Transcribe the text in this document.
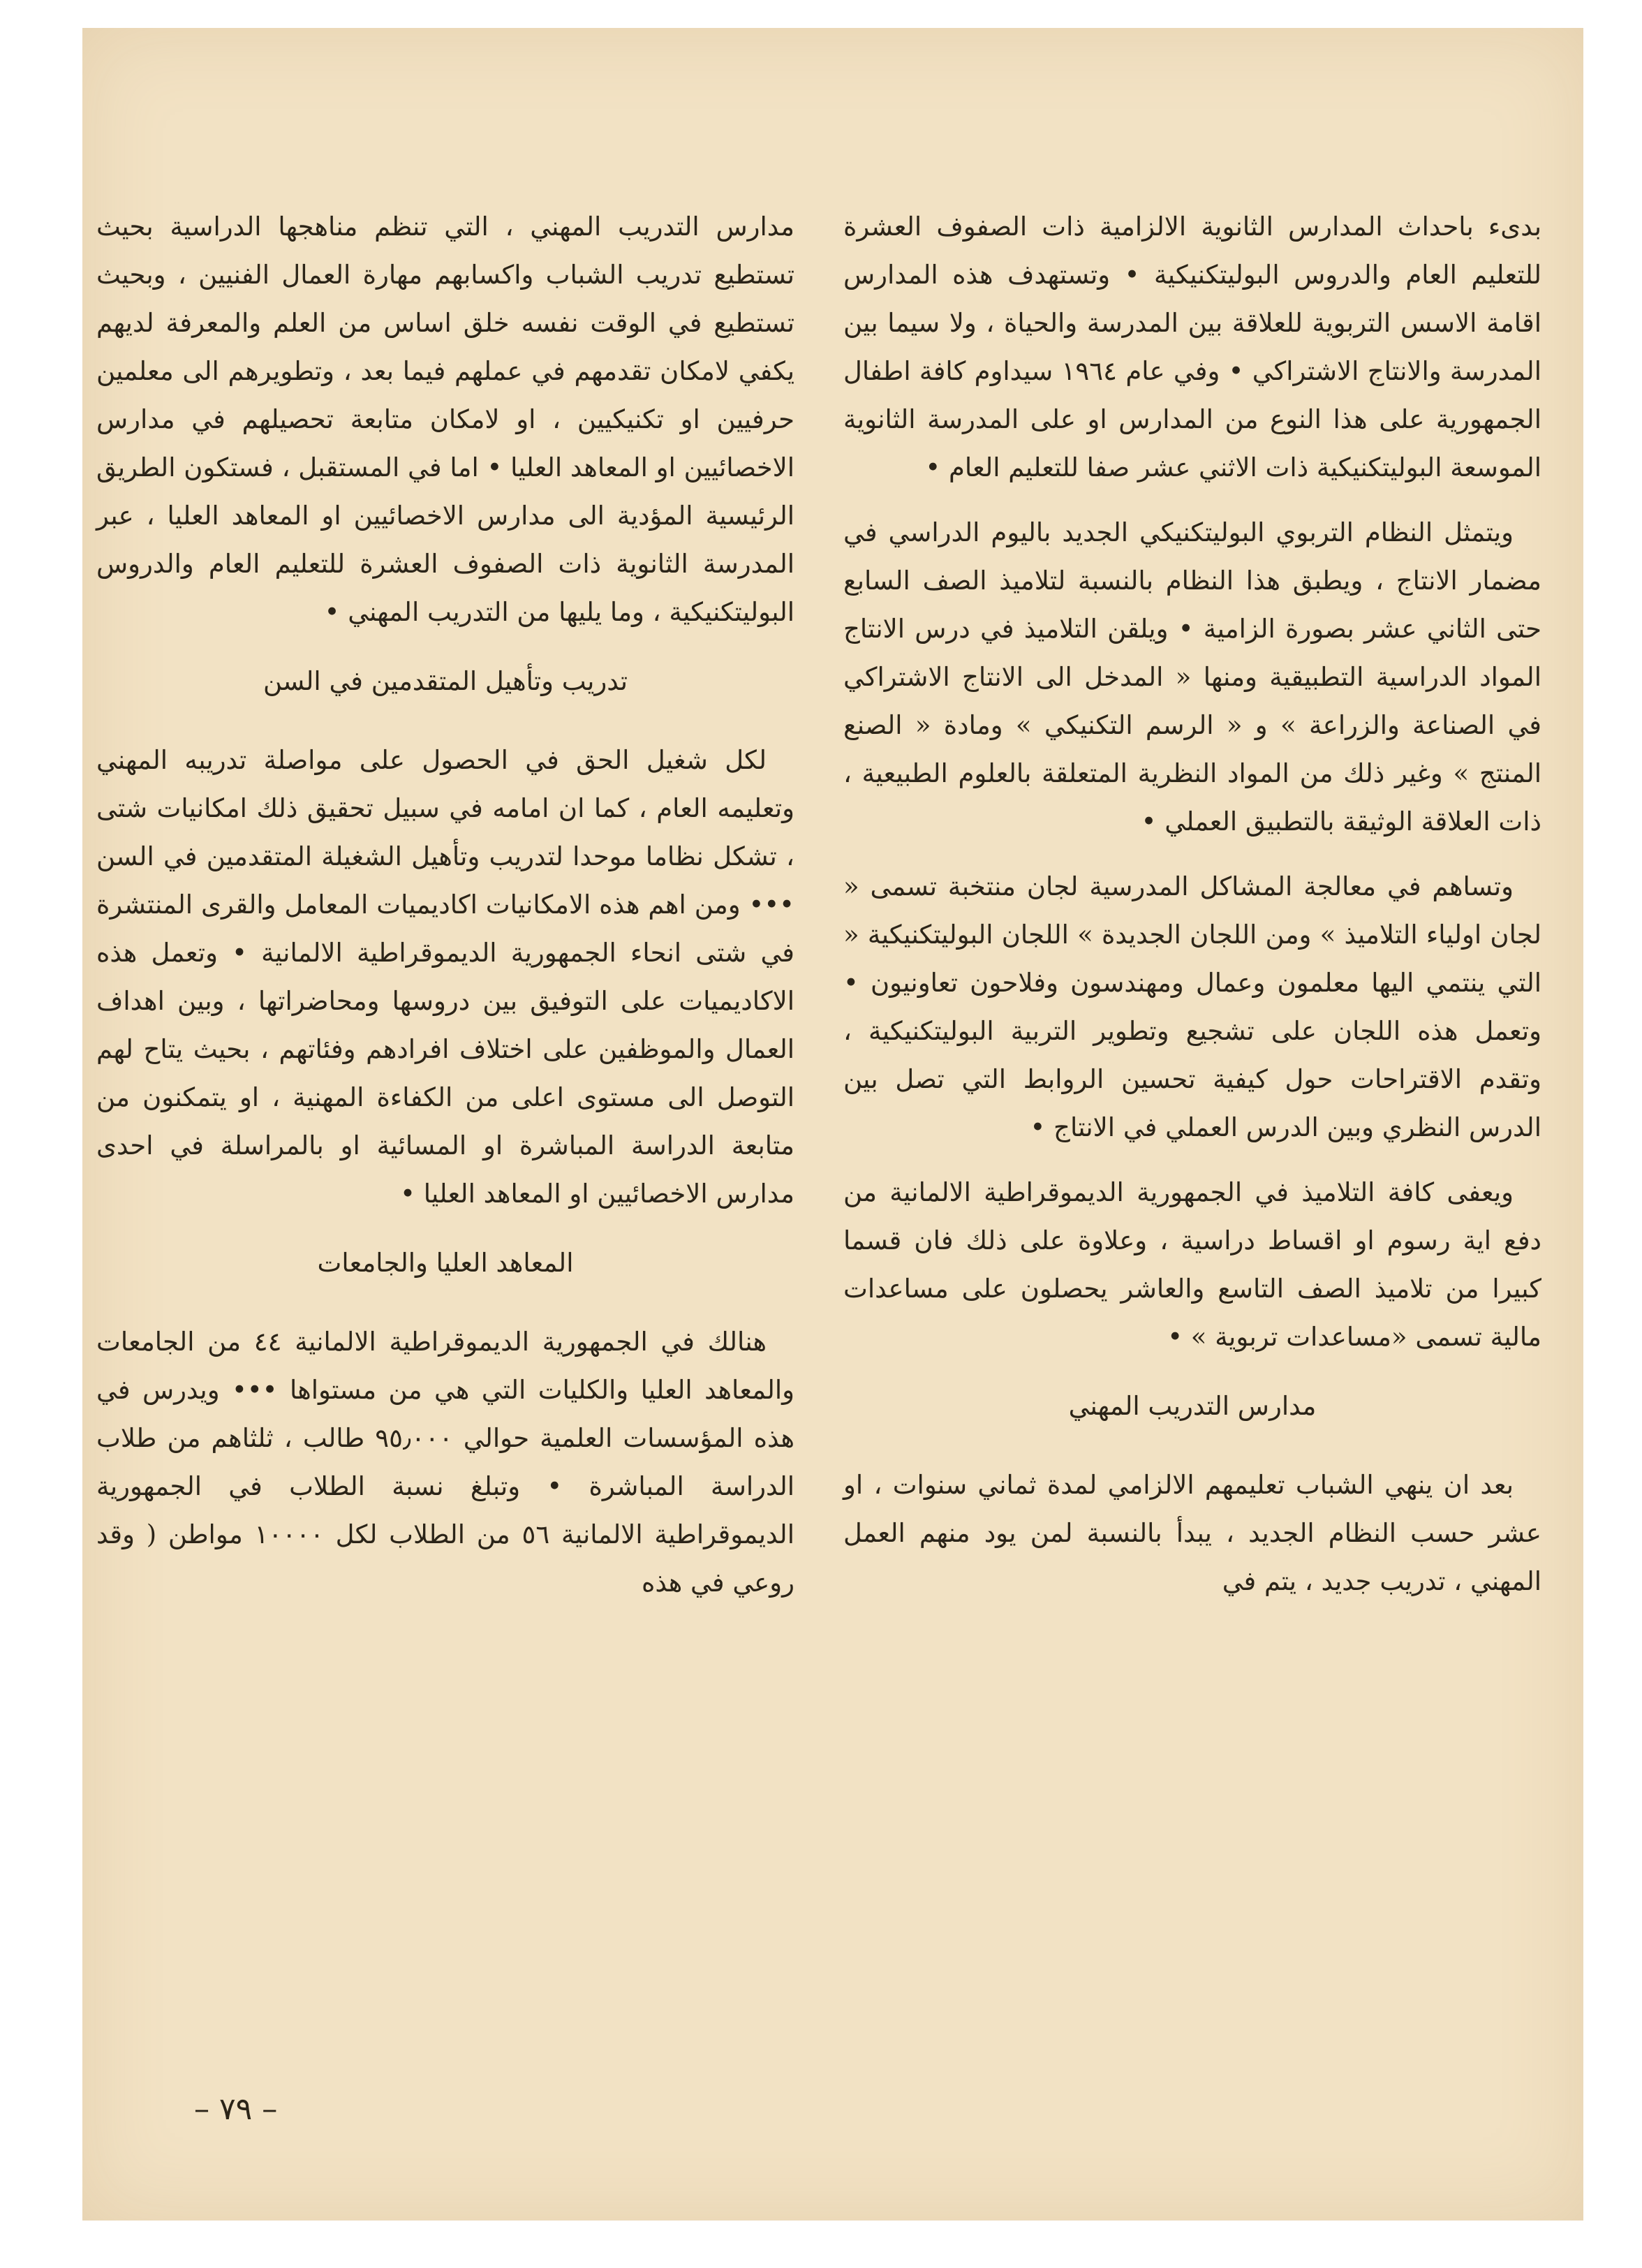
بدىء باحداث المدارس الثانوية الالزامية ذات الصفوف العشرة للتعليم العام والدروس البوليتكنيكية • وتستهدف هذه المدارس اقامة الاسس التربوية للعلاقة بين المدرسة والحياة ، ولا سيما بين المدرسة والانتاج الاشتراكي • وفي عام ١٩٦٤ سيداوم كافة اطفال الجمهورية على هذا النوع من المدارس او على المدرسة الثانوية الموسعة البوليتكنيكية ذات الاثني عشر صفا للتعليم العام •

ويتمثل النظام التربوي البوليتكنيكي الجديد باليوم الدراسي في مضمار الانتاج ، ويطبق هذا النظام بالنسبة لتلاميذ الصف السابع حتى الثاني عشر بصورة الزامية • ويلقن التلاميذ في درس الانتاج المواد الدراسية التطبيقية ومنها « المدخل الى الانتاج الاشتراكي في الصناعة والزراعة » و « الرسم التكنيكي » ومادة « الصنع المنتج » وغير ذلك من المواد النظرية المتعلقة بالعلوم الطبيعية ، ذات العلاقة الوثيقة بالتطبيق العملي •

وتساهم في معالجة المشاكل المدرسية لجان منتخبة تسمى « لجان اولياء التلاميذ » ومن اللجان الجديدة » اللجان البوليتكنيكية « التي ينتمي اليها معلمون وعمال ومهندسون وفلاحون تعاونيون • وتعمل هذه اللجان على تشجيع وتطوير التربية البوليتكنيكية ، وتقدم الاقتراحات حول كيفية تحسين الروابط التي تصل بين الدرس النظري وبين الدرس العملي في الانتاج •

ويعفى كافة التلاميذ في الجمهورية الديموقراطية الالمانية من دفع اية رسوم او اقساط دراسية ، وعلاوة على ذلك فان قسما كبيرا من تلاميذ الصف التاسع والعاشر يحصلون على مساعدات مالية تسمى «مساعدات تربوية » •

مدارس التدريب المهني

بعد ان ينهي الشباب تعليمهم الالزامي لمدة ثماني سنوات ، او عشر حسب النظام الجديد ، يبدأ بالنسبة لمن يود منهم العمل المهني ، تدريب جديد ، يتم في

مدارس التدريب المهني ، التي تنظم مناهجها الدراسية بحيث تستطيع تدريب الشباب واكسابهم مهارة العمال الفنيين ، وبحيث تستطيع في الوقت نفسه خلق اساس من العلم والمعرفة لديهم يكفي لامكان تقدمهم في عملهم فيما بعد ، وتطويرهم الى معلمين حرفيين او تكنيكيين ، او لامكان متابعة تحصيلهم في مدارس الاخصائيين او المعاهد العليا • اما في المستقبل ، فستكون الطريق الرئيسية المؤدية الى مدارس الاخصائيين او المعاهد العليا ، عبر المدرسة الثانوية ذات الصفوف العشرة للتعليم العام والدروس البوليتكنيكية ، وما يليها من التدريب المهني •

تدريب وتأهيل المتقدمين في السن

لكل شغيل الحق في الحصول على مواصلة تدريبه المهني وتعليمه العام ، كما ان امامه في سبيل تحقيق ذلك امكانيات شتى ، تشكل نظاما موحدا لتدريب وتأهيل الشغيلة المتقدمين في السن ••• ومن اهم هذه الامكانيات اكاديميات المعامل والقرى المنتشرة في شتى انحاء الجمهورية الديموقراطية الالمانية • وتعمل هذه الاكاديميات على التوفيق بين دروسها ومحاضراتها ، وبين اهداف العمال والموظفين على اختلاف افرادهم وفئاتهم ، بحيث يتاح لهم التوصل الى مستوى اعلى من الكفاءة المهنية ، او يتمكنون من متابعة الدراسة المباشرة او المسائية او بالمراسلة في احدى مدارس الاخصائيين او المعاهد العليا •

المعاهد العليا والجامعات

هنالك في الجمهورية الديموقراطية الالمانية ٤٤ من الجامعات والمعاهد العليا والكليات التي هي من مستواها ••• ويدرس في هذه المؤسسات العلمية حوالي ٩٥٫٠٠٠ طالب ، ثلثاهم من طلاب الدراسة المباشرة • وتبلغ نسبة الطلاب في الجمهورية الديموقراطية الالمانية ٥٦ من الطلاب لكل ١٠٠٠٠ مواطن ( وقد روعي في هذه

– ٧٩ –
